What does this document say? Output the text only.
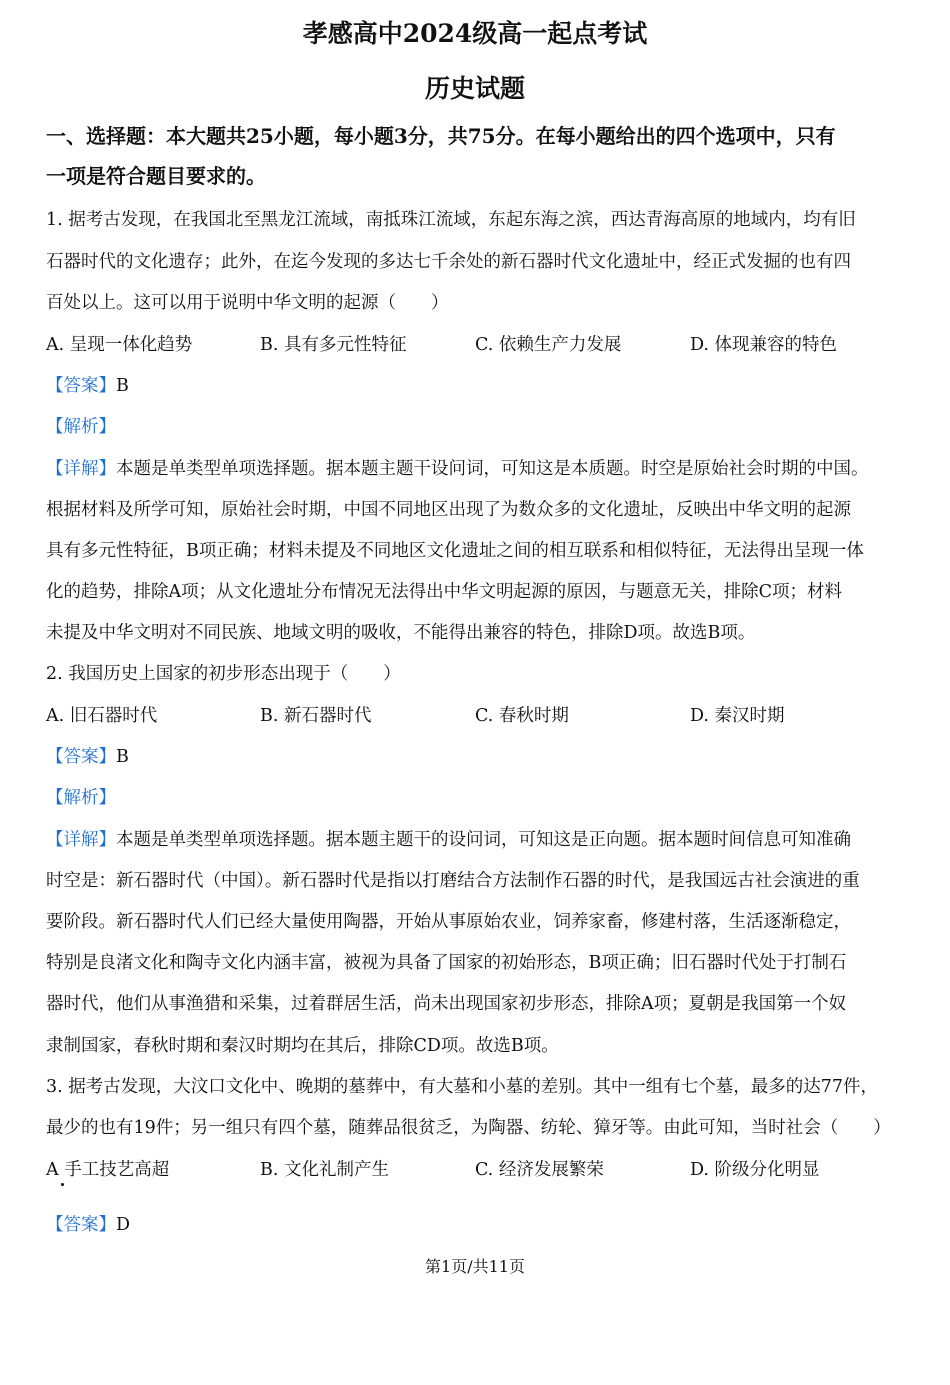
孝感高中2024级高一起点考试
历史试题
一、选择题：本大题共25小题，每小题3分，共75分。在每小题给出的四个选项中，只有
一项是符合题目要求的。
1. 据考古发现，在我国北至黑龙江流域，南抵珠江流域，东起东海之滨，西达青海高原的地域内，均有旧
石器时代的文化遗存；此外，在迄今发现的多达七千余处的新石器时代文化遗址中，经正式发掘的也有四
百处以上。这可以用于说明中华文明的起源（　　）
A. 呈现一体化趋势	B. 具有多元性特征	C. 依赖生产力发展	D. 体现兼容的特色
【答案】B
【解析】
【详解】本题是单类型单项选择题。据本题主题干设问词，可知这是本质题。时空是原始社会时期的中国。
根据材料及所学可知，原始社会时期，中国不同地区出现了为数众多的文化遗址，反映出中华文明的起源
具有多元性特征，B项正确；材料未提及不同地区文化遗址之间的相互联系和相似特征，无法得出呈现一体
化的趋势，排除A项；从文化遗址分布情况无法得出中华文明起源的原因，与题意无关，排除C项；材料
未提及中华文明对不同民族、地域文明的吸收，不能得出兼容的特色，排除D项。故选B项。
2. 我国历史上国家的初步形态出现于（　　）
A. 旧石器时代	B. 新石器时代	C. 春秋时期	D. 秦汉时期
【答案】B
【解析】
【详解】本题是单类型单项选择题。据本题主题干的设问词，可知这是正向题。据本题时间信息可知准确
时空是：新石器时代（中国）。新石器时代是指以打磨结合方法制作石器的时代，是我国远古社会演进的重
要阶段。新石器时代人们已经大量使用陶器，开始从事原始农业，饲养家畜，修建村落，生活逐渐稳定，
特别是良渚文化和陶寺文化内涵丰富，被视为具备了国家的初始形态，B项正确；旧石器时代处于打制石
器时代，他们从事渔猎和采集，过着群居生活，尚未出现国家初步形态，排除A项；夏朝是我国第一个奴
隶制国家，春秋时期和秦汉时期均在其后，排除CD项。故选B项。
3. 据考古发现，大汶口文化中、晚期的墓葬中，有大墓和小墓的差别。其中一组有七个墓，最多的达77件，
最少的也有19件；另一组只有四个墓，随葬品很贫乏，为陶器、纺轮、獐牙等。由此可知，当时社会（　　）
A 手工技艺高超	B. 文化礼制产生	C. 经济发展繁荣	D. 阶级分化明显
【答案】D
第1页/共11页
